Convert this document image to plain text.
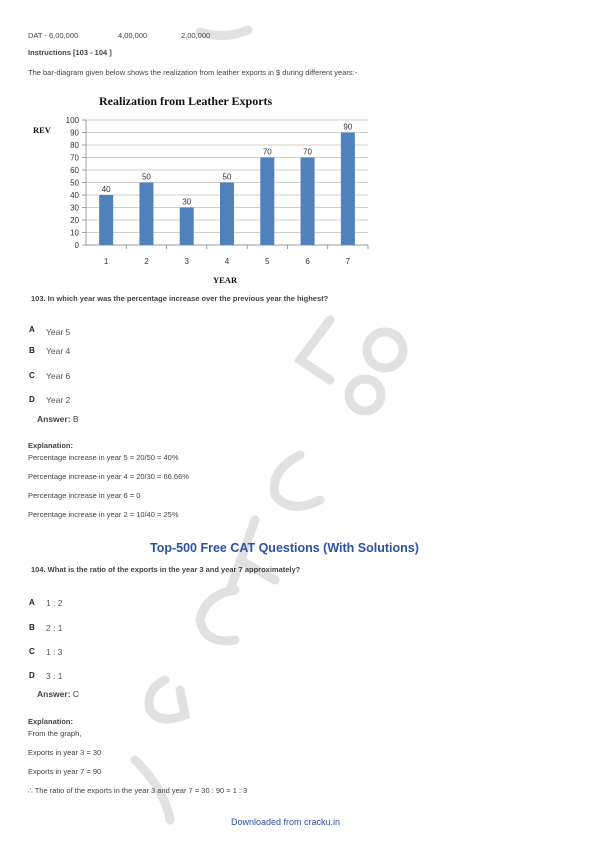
DAT - 6,00,000	4,00,000	2,00,000
Instructions [103 - 104 ]
The bar-diagram given below shows the realization from leather exports in $ during different years:-
Realization from Leather Exports
REV
0
10
20
30
40
50
60
70
80
90
100
40
1
50
2
30
3
50
4
70
5
70
6
90
7
YEAR
103. In which year was the percentage increase over the previous year the highest?
A Year 5
B Year 4
C Year 6
D Year 2
Answer: B
Explanation:
Percentage increase in year 5 = 20/50 = 40%
Percentage increase in year 4 = 20/30 = 66.66%
Percentage increase in year 6 = 0
Percentage increase in year 2 = 10/40 = 25%
Top-500 Free CAT Questions (With Solutions)
104. What is the ratio of the exports in the year 3 and year 7 approximately?
A 1 : 2
B 2 : 1
C 1 : 3
D 3 : 1
Answer: C
Explanation:
From the graph,
Exports in year 3 = 30
Exports in year 7 = 90
∴ The ratio of the exports in the year 3 and year 7 = 30 : 90 = 1 : 3
Downloaded from cracku.in
